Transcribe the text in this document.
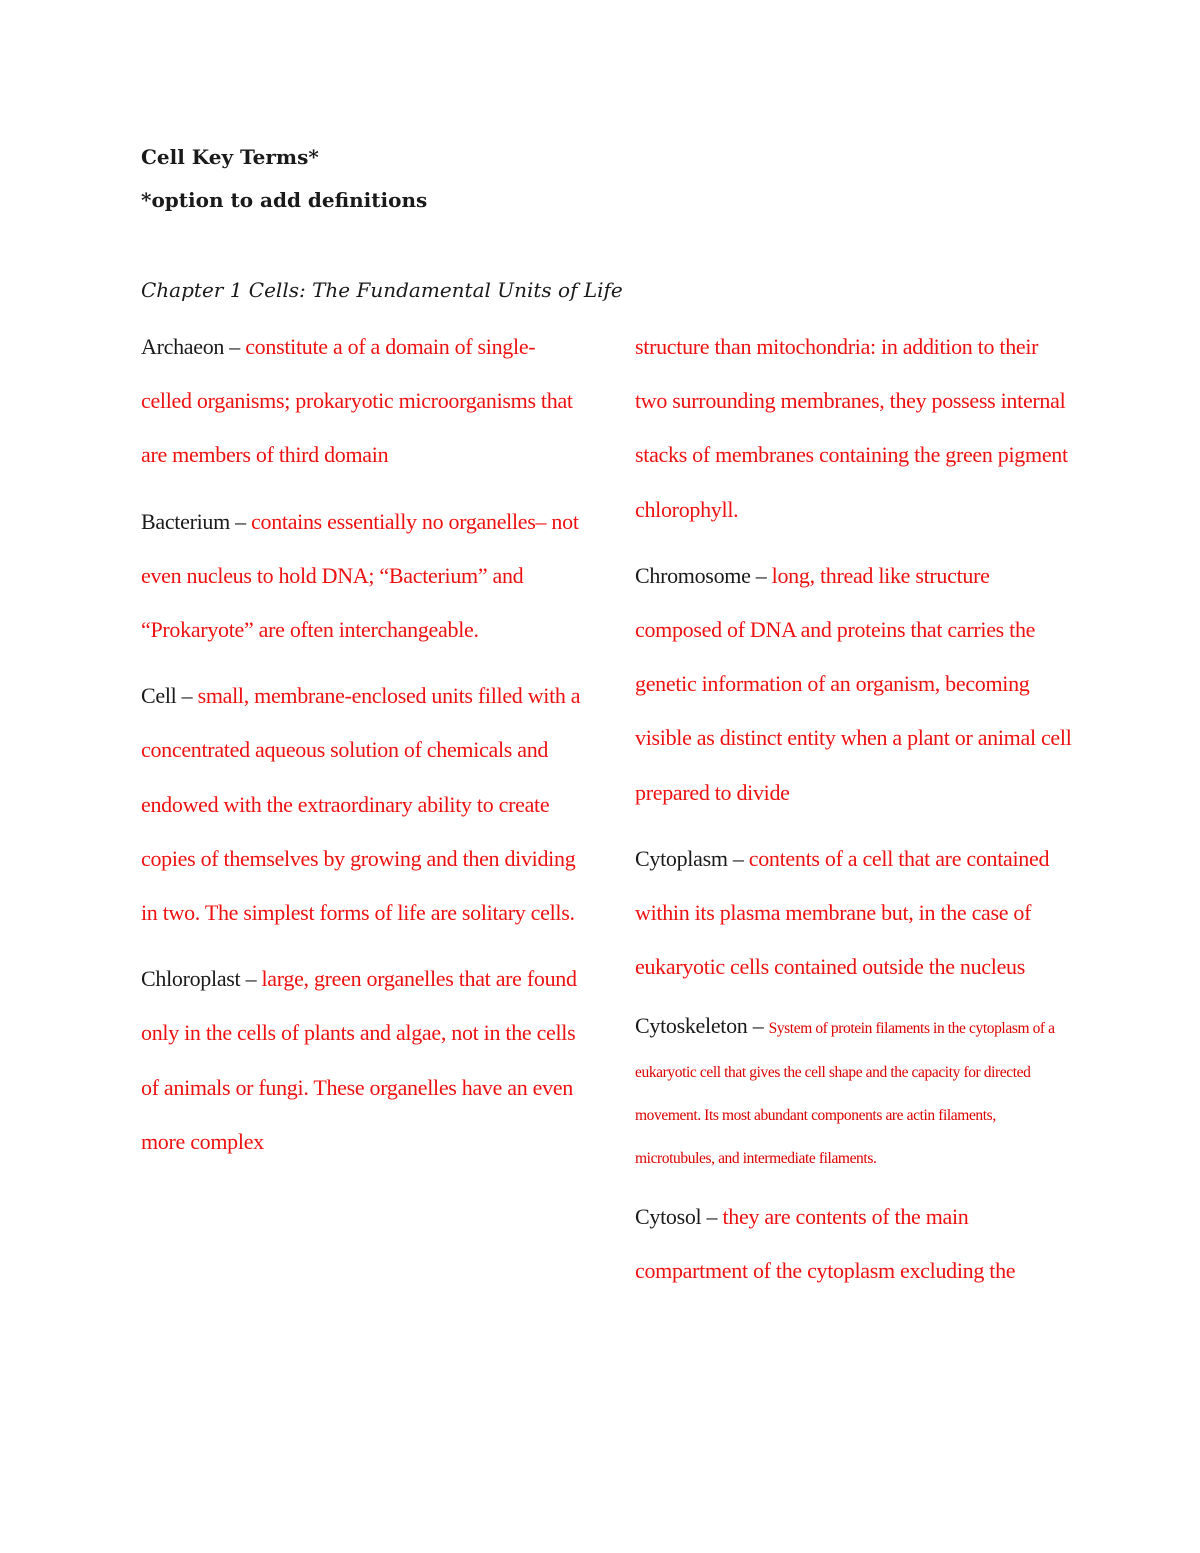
Cell Key Terms*
*option to add definitions
Chapter 1 Cells: The Fundamental Units of Life

Archaeon – constitute a of a domain of single-celled organisms; prokaryotic microorganisms that are members of third domain

Bacterium – contains essentially no organelles– not even nucleus to hold DNA; “Bacterium” and “Prokaryote” are often interchangeable.

Cell – small, membrane-enclosed units filled with a concentrated aqueous solution of chemicals and endowed with the extraordinary ability to create copies of themselves by growing and then dividing in two. The simplest forms of life are solitary cells.

Chloroplast – large, green organelles that are found only in the cells of plants and algae, not in the cells of animals or fungi. These organelles have an even more complex

structure than mitochondria: in addition to their two surrounding membranes, they possess internal stacks of membranes containing the green pigment chlorophyll.

Chromosome – long, thread like structure composed of DNA and proteins that carries the genetic information of an organism, becoming visible as distinct entity when a plant or animal cell prepared to divide

Cytoplasm – contents of a cell that are contained within its plasma membrane but, in the case of eukaryotic cells contained outside the nucleus

Cytoskeleton – System of protein filaments in the cytoplasm of a eukaryotic cell that gives the cell shape and the capacity for directed movement. Its most abundant components are actin filaments, microtubules, and intermediate filaments.

Cytosol – they are contents of the main compartment of the cytoplasm excluding the
